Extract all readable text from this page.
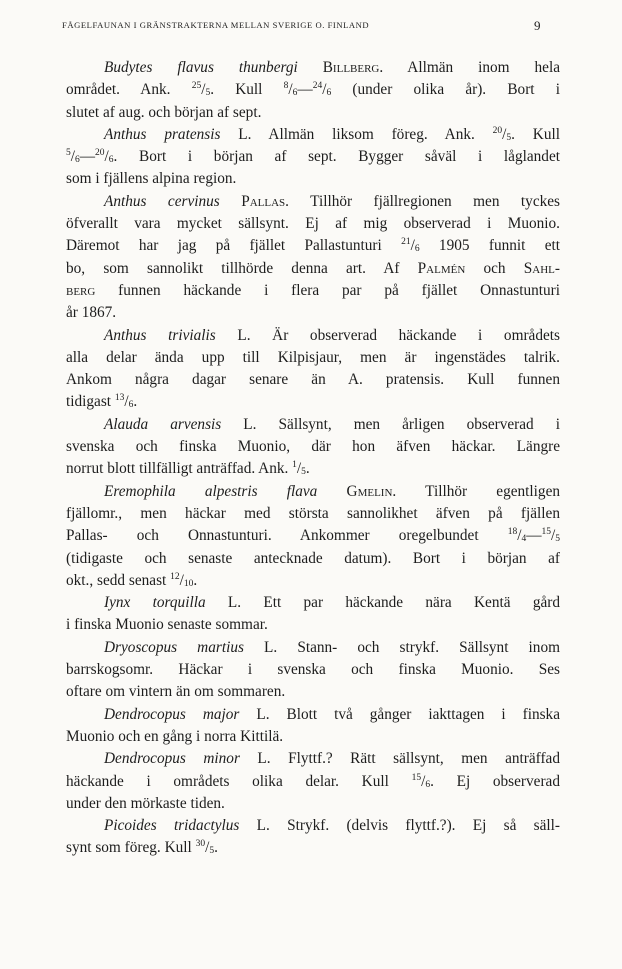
FÅGELFAUNAN I GRÄNSTRAKTERNA MELLAN SVERIGE O. FINLAND	9

Budytes flavus thunbergi Billberg. Allmän inom hela
området. Ank. $^{25}/_5$. Kull $^8/_6—^{24}/_6$ (under olika år). Bort i
slutet af aug. och början af sept.

Anthus pratensis L. Allmän liksom föreg. Ank. $^{20}/_5$. Kull
$^5/_6—^{20}/_6$. Bort i början af sept. Bygger såväl i låglandet
som i fjällens alpina region.

Anthus cervinus Pallas. Tillhör fjällregionen men tyckes
öfverallt vara mycket sällsynt. Ej af mig observerad i Muonio.
Däremot har jag på fjället Pallastunturi $^{21}/_6$ 1905 funnit ett
bo, som sannolikt tillhörde denna art. Af Palmén och Sahl-
berg funnen häckande i flera par på fjället Onnastunturi
år 1867.

Anthus trivialis L. Är observerad häckande i områdets
alla delar ända upp till Kilpisjaur, men är ingenstädes talrik.
Ankom några dagar senare än A. pratensis. Kull funnen
tidigast $^{13}/_6$.

Alauda arvensis L. Sällsynt, men årligen observerad i
svenska och finska Muonio, där hon äfven häckar. Längre
norrut blott tillfälligt anträffad. Ank. $^1/_5$.

Eremophila alpestris flava Gmelin. Tillhör egentligen
fjällomr., men häckar med största sannolikhet äfven på fjällen
Pallas- och Onnastunturi. Ankommer oregelbundet $^{18}/_4—^{15}/_5$
(tidigaste och senaste antecknade datum). Bort i början af
okt., sedd senast $^{12}/_{10}$.

Iynx torquilla L. Ett par häckande nära Kentä gård
i finska Muonio senaste sommar.

Dryoscopus martius L. Stann- och strykf. Sällsynt inom
barrskogsomr. Häckar i svenska och finska Muonio. Ses
oftare om vintern än om sommaren.

Dendrocopus major L. Blott två gånger iakttagen i finska
Muonio och en gång i norra Kittilä.

Dendrocopus minor L. Flyttf.? Rätt sällsynt, men anträffad
häckande i områdets olika delar. Kull $^{15}/_6$. Ej observerad
under den mörkaste tiden.

Picoides tridactylus L. Strykf. (delvis flyttf.?). Ej så säll-
synt som föreg. Kull $^{30}/_5$.
